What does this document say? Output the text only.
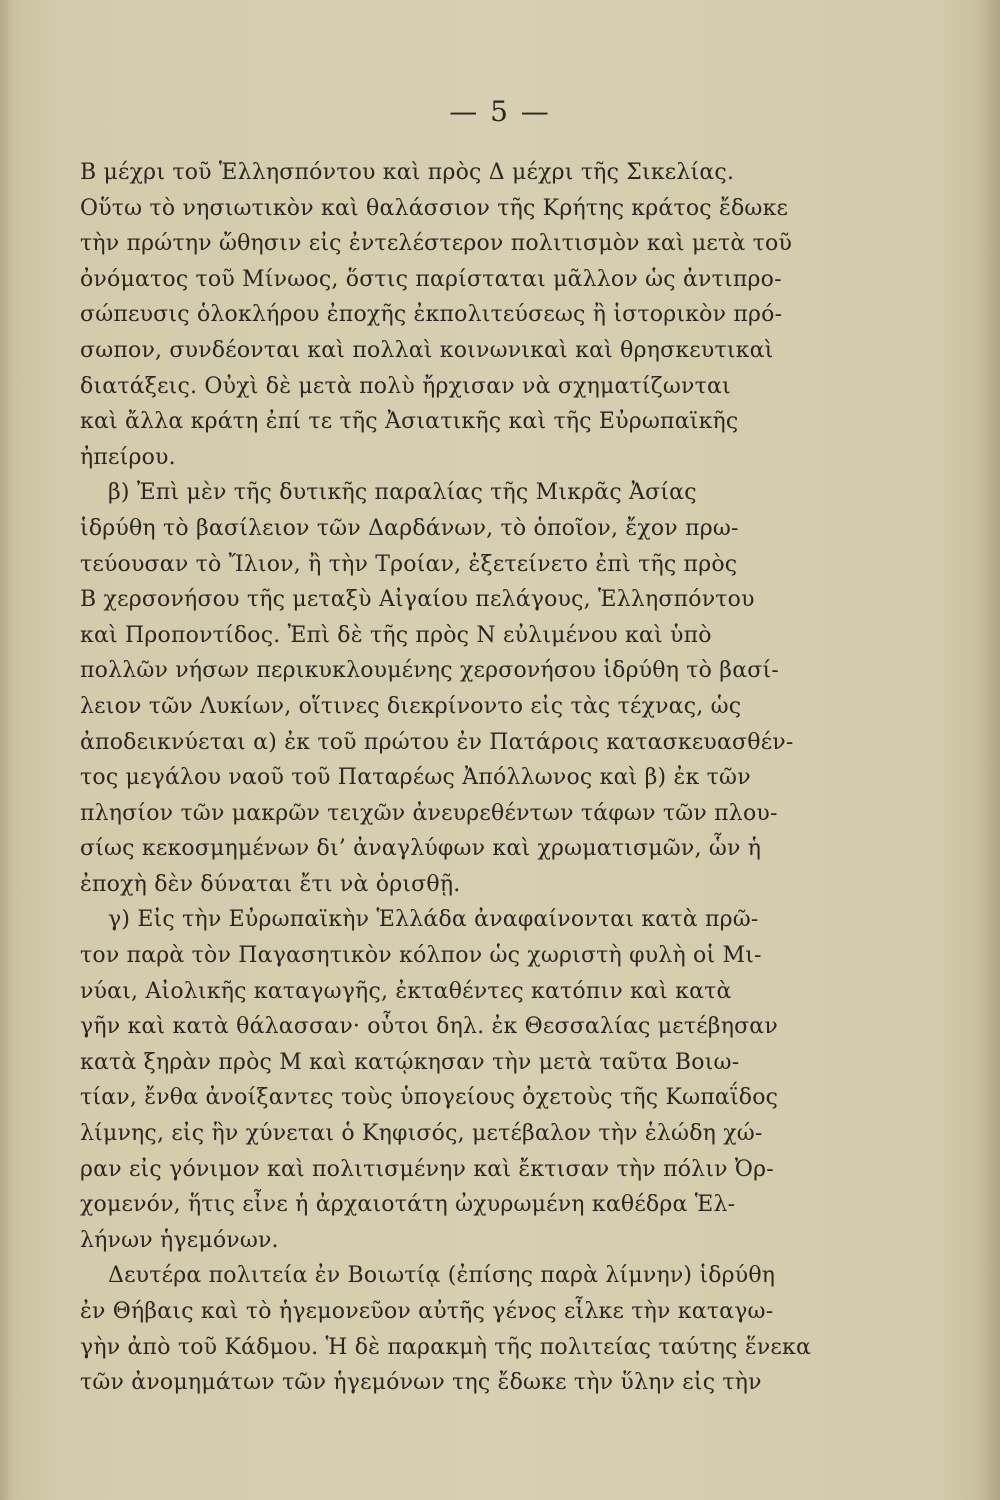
— 5 —
Β μέχρι τοῦ Ἑλλησπόντου καὶ πρὸς Δ μέχρι τῆς Σικελίας.
Οὕτω τὸ νησιωτικὸν καὶ θαλάσσιον τῆς Κρήτης κράτος ἔδωκε
τὴν πρώτην ὤθησιν εἰς ἐντελέστερον πολιτισμὸν καὶ μετὰ τοῦ
ὀνόματος τοῦ Μίνωος, ὅστις παρίσταται μᾶλλον ὡς ἀντιπρο-
σώπευσις ὁλοκλήρου ἐποχῆς ἐκπολιτεύσεως ἢ ἱστορικὸν πρό-
σωπον, συνδέονται καὶ πολλαὶ κοινωνικαὶ καὶ θρησκευτικαὶ
διατάξεις. Οὐχὶ δὲ μετὰ πολὺ ἤρχισαν νὰ σχηματίζωνται
καὶ ἄλλα κράτη ἐπί τε τῆς Ἀσιατικῆς καὶ τῆς Εὐρωπαϊκῆς
ἠπείρου.
β) Ἐπὶ μὲν τῆς δυτικῆς παραλίας τῆς Μικρᾶς Ἀσίας
ἱδρύθη τὸ βασίλειον τῶν Δαρδάνων, τὸ ὁποῖον, ἔχον πρω-
τεύουσαν τὸ Ἴλιον, ἢ τὴν Τροίαν, ἐξετείνετο ἐπὶ τῆς πρὸς
Β χερσονήσου τῆς μεταξὺ Αἰγαίου πελάγους, Ἑλλησπόντου
καὶ Προποντίδος. Ἐπὶ δὲ τῆς πρὸς Ν εὐλιμένου καὶ ὑπὸ
πολλῶν νήσων περικυκλουμένης χερσονήσου ἱδρύθη τὸ βασί-
λειον τῶν Λυκίων, οἵτινες διεκρίνοντο εἰς τὰς τέχνας, ὡς
ἀποδεικνύεται α) ἐκ τοῦ πρώτου ἐν Πατάροις κατασκευασθέν-
τος μεγάλου ναοῦ τοῦ Παταρέως Ἀπόλλωνος καὶ β) ἐκ τῶν
πλησίον τῶν μακρῶν τειχῶν ἀνευρεθέντων τάφων τῶν πλου-
σίως κεκοσμημένων δι’ ἀναγλύφων καὶ χρωματισμῶν, ὧν ἡ
ἐποχὴ δὲν δύναται ἔτι νὰ ὁρισθῇ.
γ) Εἰς τὴν Εὐρωπαϊκὴν Ἑλλάδα ἀναφαίνονται κατὰ πρῶ-
τον παρὰ τὸν Παγασητικὸν κόλπον ὡς χωριστὴ φυλὴ οἱ Μι-
νύαι, Αἰολικῆς καταγωγῆς, ἐκταθέντες κατόπιν καὶ κατὰ
γῆν καὶ κατὰ θάλασσαν· οὗτοι δηλ. ἐκ Θεσσαλίας μετέβησαν
κατὰ ξηρὰν πρὸς Μ καὶ κατῴκησαν τὴν μετὰ ταῦτα Βοιω-
τίαν, ἔνθα ἀνοίξαντες τοὺς ὑπογείους ὀχετοὺς τῆς Κωπαΐδος
λίμνης, εἰς ἣν χύνεται ὁ Κηφισός, μετέβαλον τὴν ἑλώδη χώ-
ραν εἰς γόνιμον καὶ πολιτισμένην καὶ ἔκτισαν τὴν πόλιν Ὀρ-
χομενόν, ἥτις εἶνε ἡ ἀρχαιοτάτη ὠχυρωμένη καθέδρα Ἑλ-
λήνων ἡγεμόνων.
Δευτέρα πολιτεία ἐν Βοιωτίᾳ (ἐπίσης παρὰ λίμνην) ἱδρύθη
ἐν Θήβαις καὶ τὸ ἡγεμονεῦον αὐτῆς γένος εἷλκε τὴν καταγω-
γὴν ἀπὸ τοῦ Κάδμου. Ἡ δὲ παρακμὴ τῆς πολιτείας ταύτης ἕνεκα
τῶν ἀνομημάτων τῶν ἡγεμόνων της ἔδωκε τὴν ὕλην εἰς τὴν
